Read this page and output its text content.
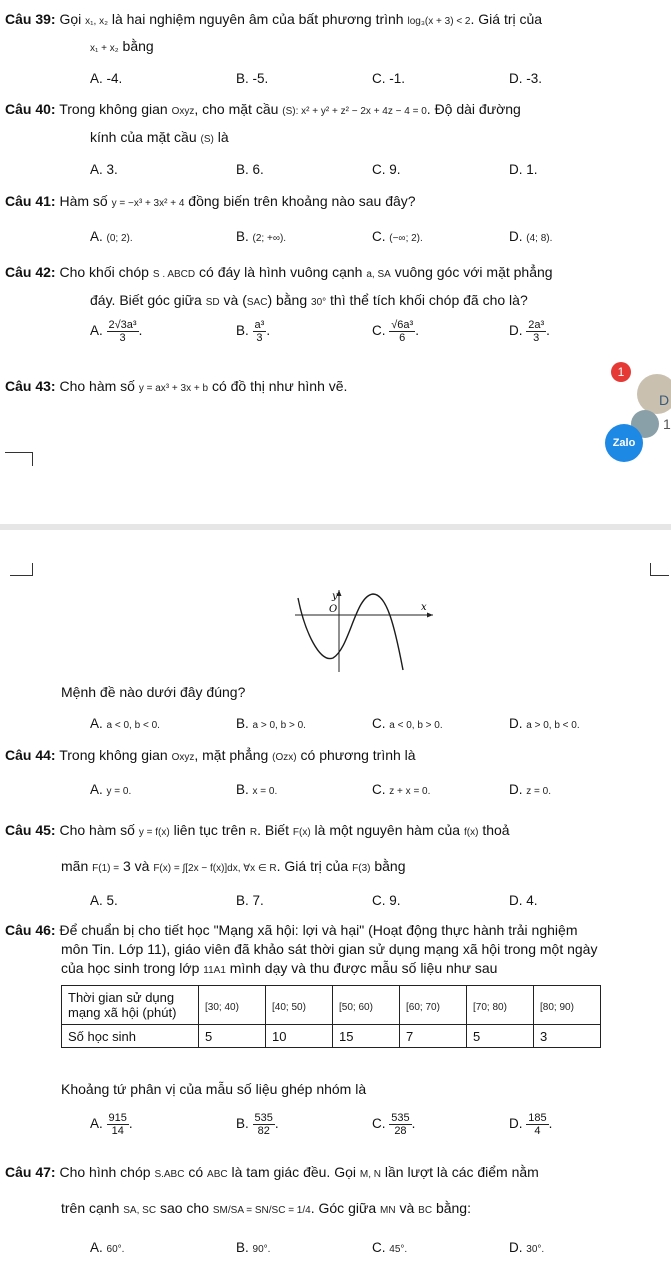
Câu 39: Gọi x₁, x₂ là hai nghiệm nguyên âm của bất phương trình log₃(x + 3) < 2. Giá trị của
x₁ + x₂ bằng
A. -4.	B. -5.	C. -1.	D. -3.
Câu 40: Trong không gian Oxyz, cho mặt cầu (S): x² + y² + z² − 2x + 4z − 4 = 0. Độ dài đường
kính của mặt cầu (S) là
A. 3.	B. 6.	C. 9.	D. 1.
Câu 41: Hàm số y = −x³ + 3x² + 4 đồng biến trên khoảng nào sau đây?
A. (0; 2).	B. (2; +∞).	C. (−∞; 2).	D. (4; 8).
Câu 42: Cho khối chóp S . ABCD có đáy là hình vuông cạnh a, SA vuông góc với mặt phẳng
đáy. Biết góc giữa SD và (SAC) bằng 30° thì thể tích khối chóp đã cho là?
A. $\frac{\text{2√3a³}}{3}$ .	B. $\frac{\text{a³}}{3}$ .	C. $\frac{\text{√6a³}}{6}$ .	D. $\frac{\text{2a³}}{3}$ .
Câu 43: Cho hàm số y = ax³ + 3x + b có đồ thị như hình vẽ.
1
D
1
Zalo
y
O	x
Mệnh đề nào dưới đây đúng?
A. a < 0, b < 0.	B. a > 0, b > 0.	C. a < 0, b > 0.	D. a > 0, b < 0.
Câu 44: Trong không gian Oxyz, mặt phẳng (Ozx) có phương trình là
A. y = 0.	B. x = 0.	C. z + x = 0.	D. z = 0.
Câu 45: Cho hàm số y = f(x) liên tục trên R. Biết F(x) là một nguyên hàm của f(x) thoả
mãn F(1) = 3 và F(x) = ∫[2x − f(x)]dx, ∀x ∈ R. Giá trị của F(3) bằng
A. 5.	B. 7.	C. 9.	D. 4.
Câu 46: Để chuẩn bị cho tiết học "Mạng xã hội: lợi và hại" (Hoạt động thực hành trải nghiệm
môn Tin. Lớp 11), giáo viên đã khảo sát thời gian sử dụng mạng xã hội trong một ngày
của học sinh trong lớp 11A1 mình dạy và thu được mẫu số liệu như sau
Thời gian sử dụng mạng xã hội (phút)	[30; 40)	[40; 50)	[50; 60)	[60; 70)	[70; 80)	[80; 90)
Số học sinh	5	10	15	7	5	3
Khoảng tứ phân vị của mẫu số liệu ghép nhóm là
A. $\frac{915}{14}$ .	B. $\frac{535}{82}$ .	C. $\frac{535}{28}$ .	D. $\frac{185}{4}$ .
Câu 47: Cho hình chóp S.ABC có ABC là tam giác đều. Gọi M, N lần lượt là các điểm nằm
trên cạnh SA, SC sao cho SM/SA = SN/SC = 1/4. Góc giữa MN và BC bằng:
A. 60°.	B. 90°.	C. 45°.	D. 30°.
